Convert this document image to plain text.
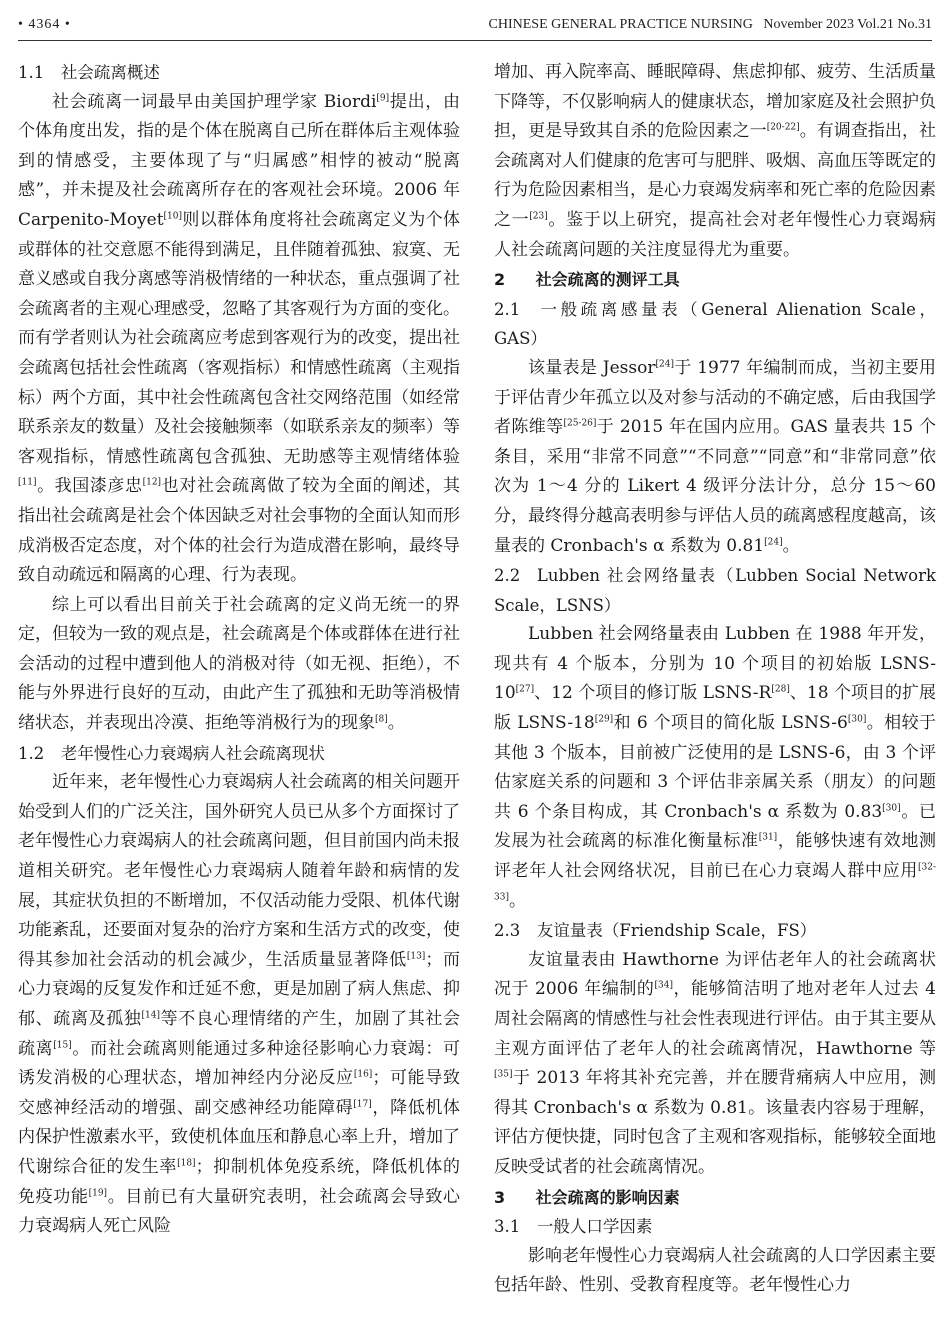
• 4364 •	CHINESE GENERAL PRACTICE NURSING   November 2023 Vol.21 No.31

1.1 社会疏离概述

社会疏离一词最早由美国护理学家 Biordi[9]提出，由个体角度出发，指的是个体在脱离自己所在群体后主观体验到的情感受，主要体现了与“归属感”相悖的被动“脱离感”，并未提及社会疏离所存在的客观社会环境。2006 年 Carpenito-Moyet[10]则以群体角度将社会疏离定义为个体或群体的社交意愿不能得到满足，且伴随着孤独、寂寞、无意义感或自我分离感等消极情绪的一种状态，重点强调了社会疏离者的主观心理感受，忽略了其客观行为方面的变化。而有学者则认为社会疏离应考虑到客观行为的改变，提出社会疏离包括社会性疏离（客观指标）和情感性疏离（主观指标）两个方面，其中社会性疏离包含社交网络范围（如经常联系亲友的数量）及社会接触频率（如联系亲友的频率）等客观指标，情感性疏离包含孤独、无助感等主观情绪体验[11]。我国漆彦忠[12]也对社会疏离做了较为全面的阐述，其指出社会疏离是社会个体因缺乏对社会事物的全面认知而形成消极否定态度，对个体的社会行为造成潜在影响，最终导致自动疏远和隔离的心理、行为表现。

综上可以看出目前关于社会疏离的定义尚无统一的界定，但较为一致的观点是，社会疏离是个体或群体在进行社会活动的过程中遭到他人的消极对待（如无视、拒绝），不能与外界进行良好的互动，由此产生了孤独和无助等消极情绪状态，并表现出冷漠、拒绝等消极行为的现象[8]。

1.2 老年慢性心力衰竭病人社会疏离现状

近年来，老年慢性心力衰竭病人社会疏离的相关问题开始受到人们的广泛关注，国外研究人员已从多个方面探讨了老年慢性心力衰竭病人的社会疏离问题，但目前国内尚未报道相关研究。老年慢性心力衰竭病人随着年龄和病情的发展，其症状负担的不断增加，不仅活动能力受限、机体代谢功能紊乱，还要面对复杂的治疗方案和生活方式的改变，使得其参加社会活动的机会减少，生活质量显著降低[13]；而心力衰竭的反复发作和迁延不愈，更是加剧了病人焦虑、抑郁、疏离及孤独[14]等不良心理情绪的产生，加剧了其社会疏离[15]。而社会疏离则能通过多种途径影响心力衰竭：可诱发消极的心理状态，增加神经内分泌反应[16]；可能导致交感神经活动的增强、副交感神经功能障碍[17]，降低机体内保护性激素水平，致使机体血压和静息心率上升，增加了代谢综合征的发生率[18]；抑制机体免疫系统，降低机体的免疫功能[19]。目前已有大量研究表明，社会疏离会导致心力衰竭病人死亡风险

增加、再入院率高、睡眠障碍、焦虑抑郁、疲劳、生活质量下降等，不仅影响病人的健康状态，增加家庭及社会照护负担，更是导致其自杀的危险因素之一[20-22]。有调查指出，社会疏离对人们健康的危害可与肥胖、吸烟、高血压等既定的行为危险因素相当，是心力衰竭发病率和死亡率的危险因素之一[23]。鉴于以上研究，提高社会对老年慢性心力衰竭病人社会疏离问题的关注度显得尤为重要。

2 社会疏离的测评工具

2.1 一般疏离感量表（General Alienation Scale，GAS）

该量表是 Jessor[24]于 1977 年编制而成，当初主要用于评估青少年孤立以及对参与活动的不确定感，后由我国学者陈维等[25-26]于 2015 年在国内应用。GAS 量表共 15 个条目，采用“非常不同意”“不同意”“同意”和“非常同意”依次为 1～4 分的 Likert 4 级评分法计分，总分 15～60 分，最终得分越高表明参与评估人员的疏离感程度越高，该量表的 Cronbach's α 系数为 0.81[24]。

2.2 Lubben 社会网络量表（Lubben Social Network Scale，LSNS）

Lubben 社会网络量表由 Lubben 在 1988 年开发，现共有 4 个版本，分别为 10 个项目的初始版 LSNS-10[27]、12 个项目的修订版 LSNS-R[28]、18 个项目的扩展版 LSNS-18[29]和 6 个项目的简化版 LSNS-6[30]。相较于其他 3 个版本，目前被广泛使用的是 LSNS-6，由 3 个评估家庭关系的问题和 3 个评估非亲属关系（朋友）的问题共 6 个条目构成，其 Cronbach's α 系数为 0.83[30]。已发展为社会疏离的标准化衡量标准[31]，能够快速有效地测评老年人社会网络状况，目前已在心力衰竭人群中应用[32-33]。

2.3 友谊量表（Friendship Scale，FS）

友谊量表由 Hawthorne 为评估老年人的社会疏离状况于 2006 年编制的[34]，能够简洁明了地对老年人过去 4 周社会隔离的情感性与社会性表现进行评估。由于其主要从主观方面评估了老年人的社会疏离情况，Hawthorne 等[35]于 2013 年将其补充完善，并在腰背痛病人中应用，测得其 Cronbach's α 系数为 0.81。该量表内容易于理解，评估方便快捷，同时包含了主观和客观指标，能够较全面地反映受试者的社会疏离情况。

3 社会疏离的影响因素

3.1 一般人口学因素

影响老年慢性心力衰竭病人社会疏离的人口学因素主要包括年龄、性别、受教育程度等。老年慢性心力
